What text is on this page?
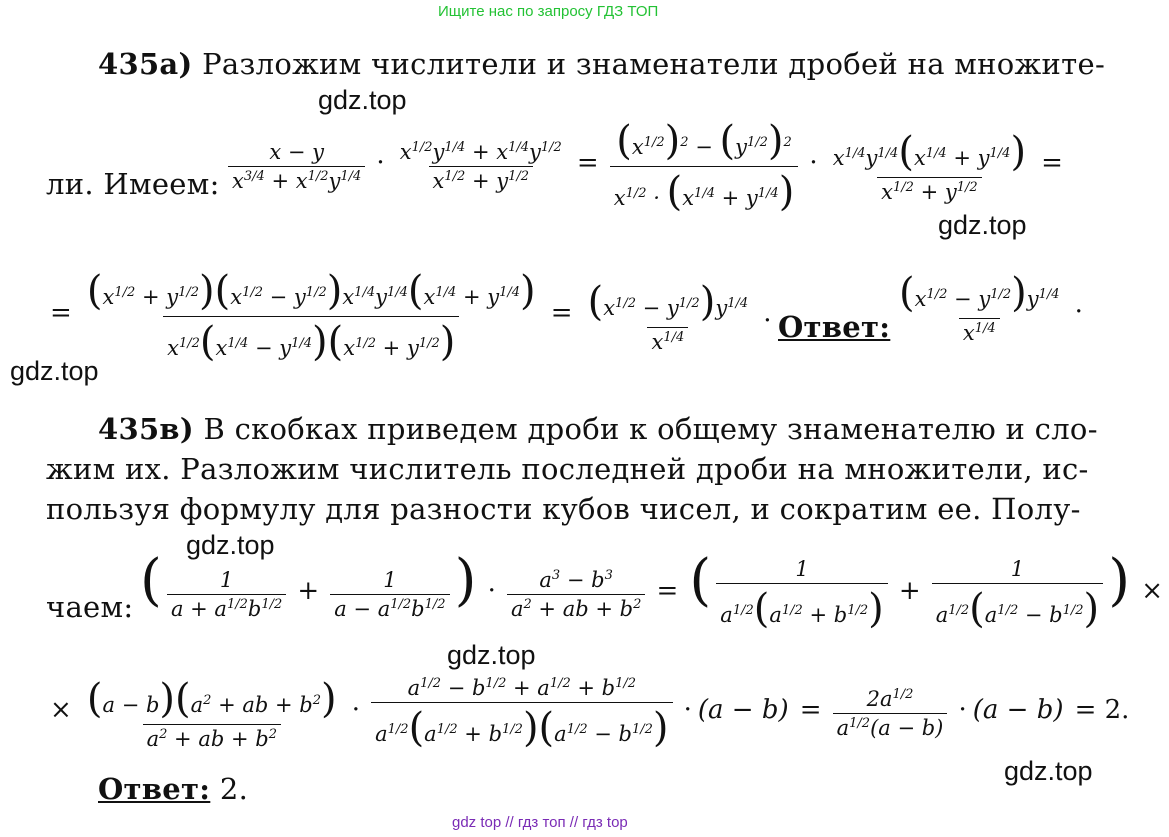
Ищите нас по запросу ГДЗ ТОП
435а) Разложим числители и знаменатели дробей на множите-
gdz.top
ли. Имеем: $\frac{x - y}{x^{3/4} + x^{1/2}y^{1/4}} \cdot \frac{x^{1/2}y^{1/4} + x^{1/4}y^{1/2}}{x^{1/2} + y^{1/2}} = \frac{(x^{1/2})^2 - (y^{1/2})^2}{x^{1/2} \cdot (x^{1/4} + y^{1/4})} \cdot \frac{x^{1/4}y^{1/4}(x^{1/4} + y^{1/4})}{x^{1/2} + y^{1/2}}$ =
gdz.top
= $\frac{(x^{1/2} + y^{1/2})(x^{1/2} - y^{1/2})x^{1/4}y^{1/4}(x^{1/4} + y^{1/4})}{x^{1/2}(x^{1/4} - y^{1/4})(x^{1/2} + y^{1/2})} = \frac{(x^{1/2} - y^{1/2})y^{1/4}}{x^{1/4}}$ . Ответ: $\frac{(x^{1/2} - y^{1/2})y^{1/4}}{x^{1/4}}$ .
gdz.top
435в) В скобках приведем дроби к общему знаменателю и сло-
жим их. Разложим числитель последней дроби на множители, ис-
пользуя формулу для разности кубов чисел, и сократим ее. Полу-
gdz.top
чаем: ( $\frac{1}{a + a^{1/2}b^{1/2}} + \frac{1}{a - a^{1/2}b^{1/2}}$ ) · $\frac{a^3 - b^3}{a^2 + ab + b^2}$ = ( $\frac{1}{a^{1/2}(a^{1/2} + b^{1/2})} + \frac{1}{a^{1/2}(a^{1/2} - b^{1/2})}$ ) ×
gdz.top
× $\frac{(a - b)(a^2 + ab + b^2)}{a^2 + ab + b^2} \cdot \frac{a^{1/2} - b^{1/2} + a^{1/2} + b^{1/2}}{a^{1/2}(a^{1/2} + b^{1/2})(a^{1/2} - b^{1/2})} \cdot (a - b) = \frac{2a^{1/2}}{a^{1/2}(a - b)} \cdot (a - b) = 2$.
gdz.top
Ответ: 2.
gdz top // гдз топ // гдз top
